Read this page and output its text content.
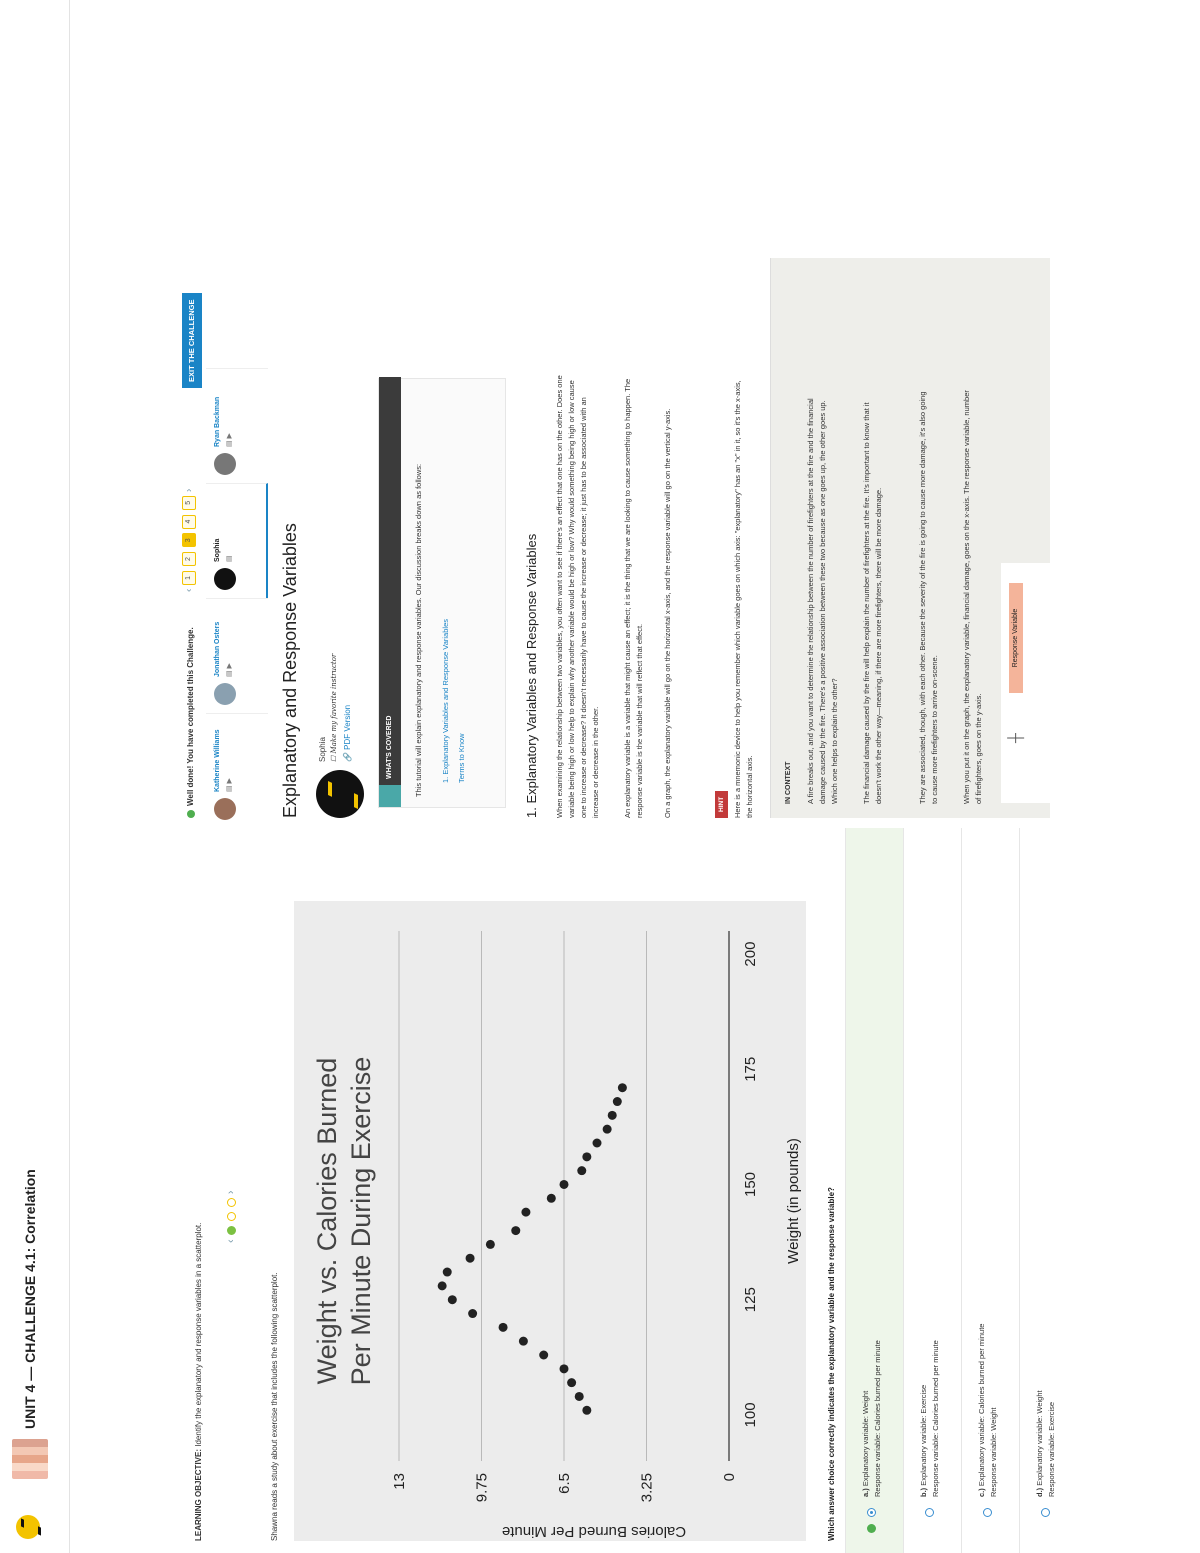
UNIT 4 — CHALLENGE 4.1: Correlation
LEARNING OBJECTIVE: Identify the explanatory and response variables in a scatterplot. ‹    ›
Shawna reads a study about exercise that includes the following scatterplot.
Weight vs. Calories Burned Per Minute During Exercise
100
125
150
175
200
0
3.25
6.5
9.75
13
Weight (in pounds)
Calories Burned Per Minute	Which answer choice correctly indicates the explanatory variable and the response variable?	a.) Explanatory variable: Weight Response variable: Calories burned per minute	b.) Explanatory variable: Exercise Response variable: Calories burned per minute	c.) Explanatory variable: Calories burned per minute Response variable: Weight	d.) Explanatory variable: Weight Response variable: Exercise
Well done! You have completed this Challenge.
‹ 1 2 3 4 5 ›
EXIT THE CHALLENGE
Katherine Williams ▤ ▶
Jonathan Osters ▤ ▶
Sophia ▤
Ryan Backman ▤ ▶
Explanatory and Response Variables Sophia ☐ Make my favorite instructor
🔗 PDF Version	WHAT'S COVERED	This tutorial will explain explanatory and response variables. Our discussion breaks down as follows: 1. Explanatory Variables and Response Variables Terms to Know	1. Explanatory Variables and Response Variables When examining the relationship between two variables, you often want to see if there's an effect that one has on the other. Does one variable being high or low help to explain why another variable would be high or low? Why would something being high or low cause one to increase or decrease? It doesn't necessarily have to cause the increase or decrease; it just has to be associated with an increase or decrease in the other.	An explanatory variable is a variable that might cause an effect; it is the thing that we are looking to cause something to happen. The response variable is the variable that will reflect that effect.	On a graph, the explanatory variable will go on the horizontal x-axis, and the response variable will go on the vertical y-axis.	HINT Here is a mnemonic device to help you remember which variable goes on which axis: "explanatory" has an "x" in it, so it's the x-axis, the horizontal axis.	IN CONTEXT A fire breaks out, and you want to determine the relationship between the number of firefighters at the fire and the financial damage caused by the fire. There's a positive association between these two because as one goes up, the other goes up. Which one helps to explain the other?	The financial damage caused by the fire will help explain the number of firefighters at the fire. It's important to know that it doesn't work the other way—meaning, if there are more firefighters, there will be more damage.	They are associated, though, with each other. Because the severity of the fire is going to cause more damage, it's also going to cause more firefighters to arrive on-scene.	When you put it on the graph, the explanatory variable, financial damage, goes on the x-axis. The response variable, number of firefighters, goes on the y-axis. ┼
Response Variable
